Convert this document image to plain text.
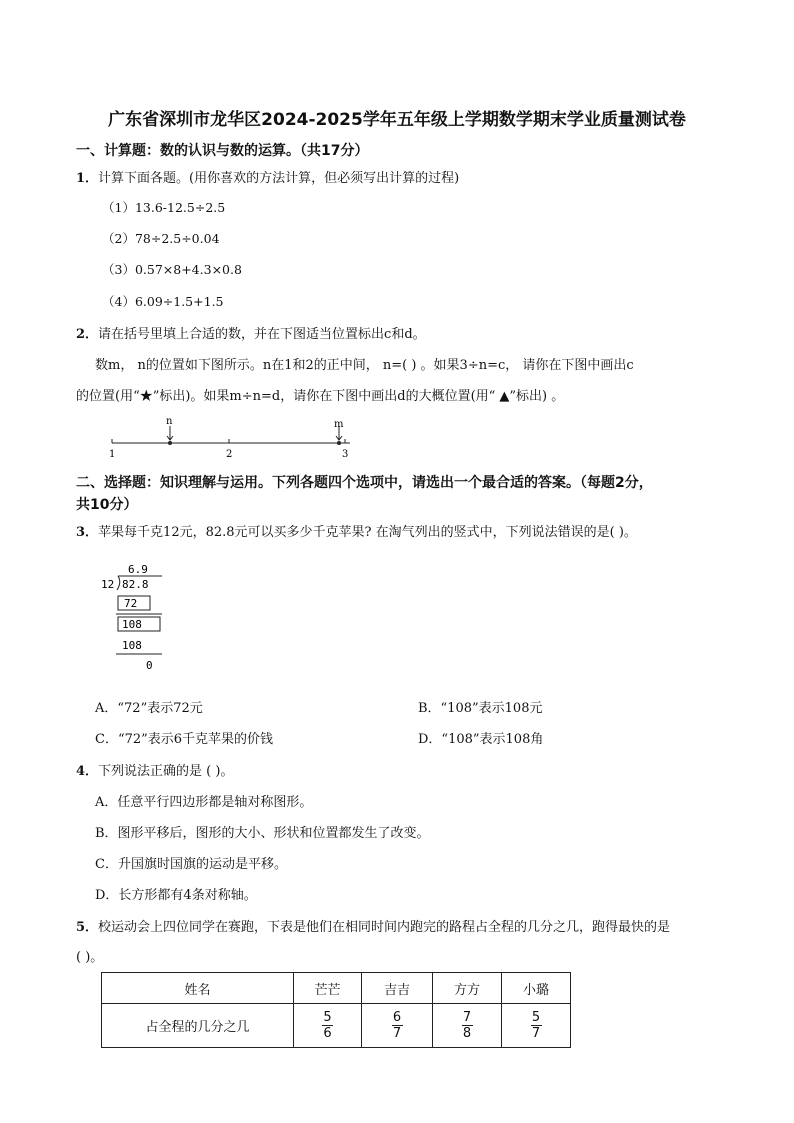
广东省深圳市龙华区2024-2025学年五年级上学期数学期末学业质量测试卷
一、计算题：数的认识与数的运算。（共17分）
1．计算下面各题。(用你喜欢的方法计算，但必须写出计算的过程)
（1）13.6-12.5÷2.5
（2）78÷2.5÷0.04
（3）0.57×8+4.3×0.8
（4）6.09÷1.5+1.5
2．请在括号里填上合适的数，并在下图适当位置标出c和d。
数m， n的位置如下图所示。n在1和2的正中间， n=( ) 。如果3÷n=c， 请你在下图中画出c
的位置(用“★”标出)。如果m÷n=d，请你在下图中画出d的大概位置(用“ ▲”标出) 。
n	m
1	2	3
二、选择题：知识理解与运用。下列各题四个选项中，请选出一个最合适的答案。（每题2分，
共10分）
3．苹果每千克12元，82.8元可以买多少千克苹果? 在淘气列出的竖式中，下列说法错误的是( )。
6.9
12 82.8
72
108
108
0
A．“72”表示72元	B．“108”表示108元
C．“72”表示6千克苹果的价钱	D．“108”表示108角
4．下列说法正确的是 ( )。
A．任意平行四边形都是轴对称图形。
B．图形平移后，图形的大小、形状和位置都发生了改变。
C．升国旗时国旗的运动是平移。
D．长方形都有4条对称轴。
5．校运动会上四位同学在赛跑，下表是他们在相同时间内跑完的路程占全程的几分之几，跑得最快的是
( )。
姓名	芒芒	吉吉	方方	小璐
占全程的几分之几	$\frac{5}{6}$	$\frac{6}{7}$	$\frac{7}{8}$	$\frac{5}{7}$
